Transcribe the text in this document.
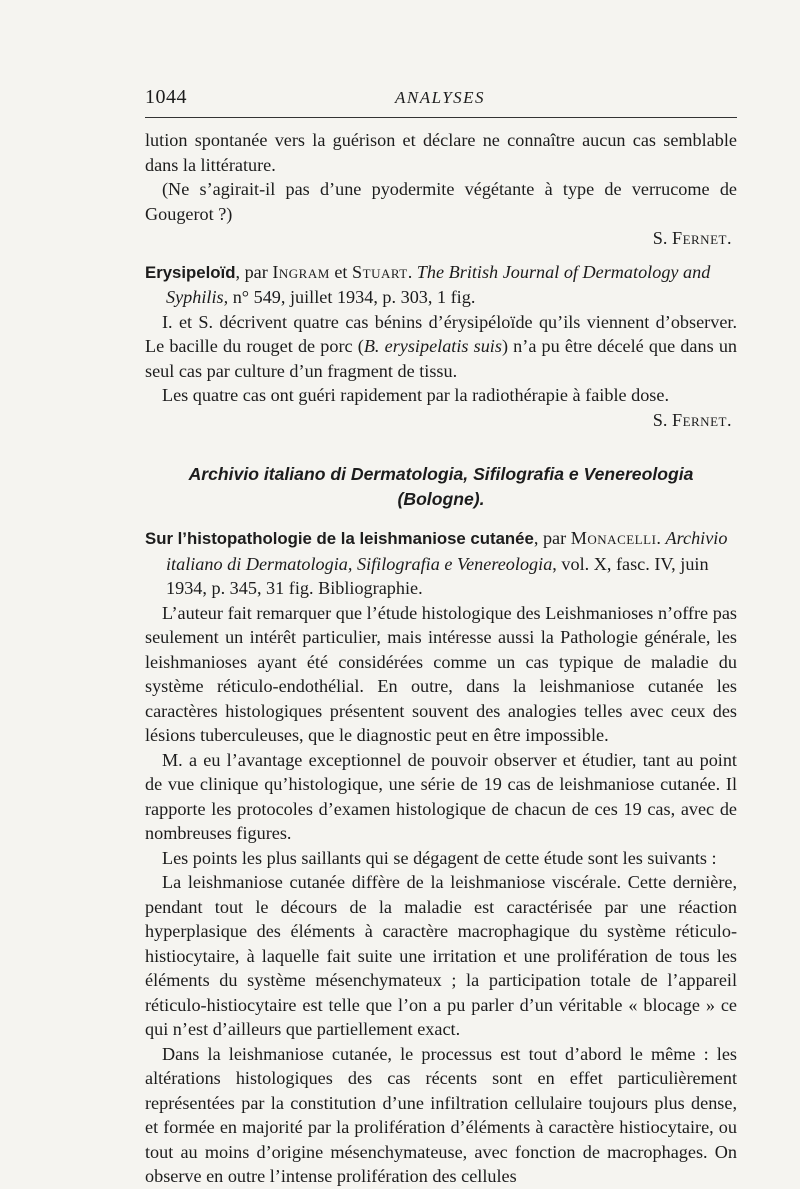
1044	ANALYSES

lution spontanée vers la guérison et déclare ne connaître aucun cas semblable dans la littérature.

(Ne s’agirait-il pas d’une pyodermite végétante à type de verrucome de Gougerot ?)

S. Fernet.

Erysipeloïd, par Ingram et Stuart. The British Journal of Dermatology and Syphilis, n° 549, juillet 1934, p. 303, 1 fig.

I. et S. décrivent quatre cas bénins d’érysipéloïde qu’ils viennent d’observer. Le bacille du rouget de porc (B. erysipelatis suis) n’a pu être décelé que dans un seul cas par culture d’un fragment de tissu.

Les quatre cas ont guéri rapidement par la radiothérapie à faible dose.

S. Fernet.

Archivio italiano di Dermatologia, Sifilografia e Venereologia (Bologne).

Sur l’histopathologie de la leishmaniose cutanée, par Monacelli. Archivio italiano di Dermatologia, Sifilografia e Venereologia, vol. X, fasc. IV, juin 1934, p. 345, 31 fig. Bibliographie.

L’auteur fait remarquer que l’étude histologique des Leishmanioses n’offre pas seulement un intérêt particulier, mais intéresse aussi la Pathologie générale, les leishmanioses ayant été considérées comme un cas typique de maladie du système réticulo-endothélial. En outre, dans la leishmaniose cutanée les caractères histologiques présentent souvent des analogies telles avec ceux des lésions tuberculeuses, que le diagnostic peut en être impossible.

M. a eu l’avantage exceptionnel de pouvoir observer et étudier, tant au point de vue clinique qu’histologique, une série de 19 cas de leishmaniose cutanée. Il rapporte les protocoles d’examen histologique de chacun de ces 19 cas, avec de nombreuses figures.

Les points les plus saillants qui se dégagent de cette étude sont les suivants :

La leishmaniose cutanée diffère de la leishmaniose viscérale. Cette dernière, pendant tout le décours de la maladie est caractérisée par une réaction hyperplasique des éléments à caractère macrophagique du système réticulo-histiocytaire, à laquelle fait suite une irritation et une prolifération de tous les éléments du système mésenchymateux ; la participation totale de l’appareil réticulo-histiocytaire est telle que l’on a pu parler d’un véritable « blocage » ce qui n’est d’ailleurs que partiellement exact.

Dans la leishmaniose cutanée, le processus est tout d’abord le même : les altérations histologiques des cas récents sont en effet particulièrement représentées par la constitution d’une infiltration cellulaire toujours plus dense, et formée en majorité par la prolifération d’éléments à caractère histiocytaire, ou tout au moins d’origine mésenchymateuse, avec fonction de macrophages. On observe en outre l’intense prolifération des cellules
